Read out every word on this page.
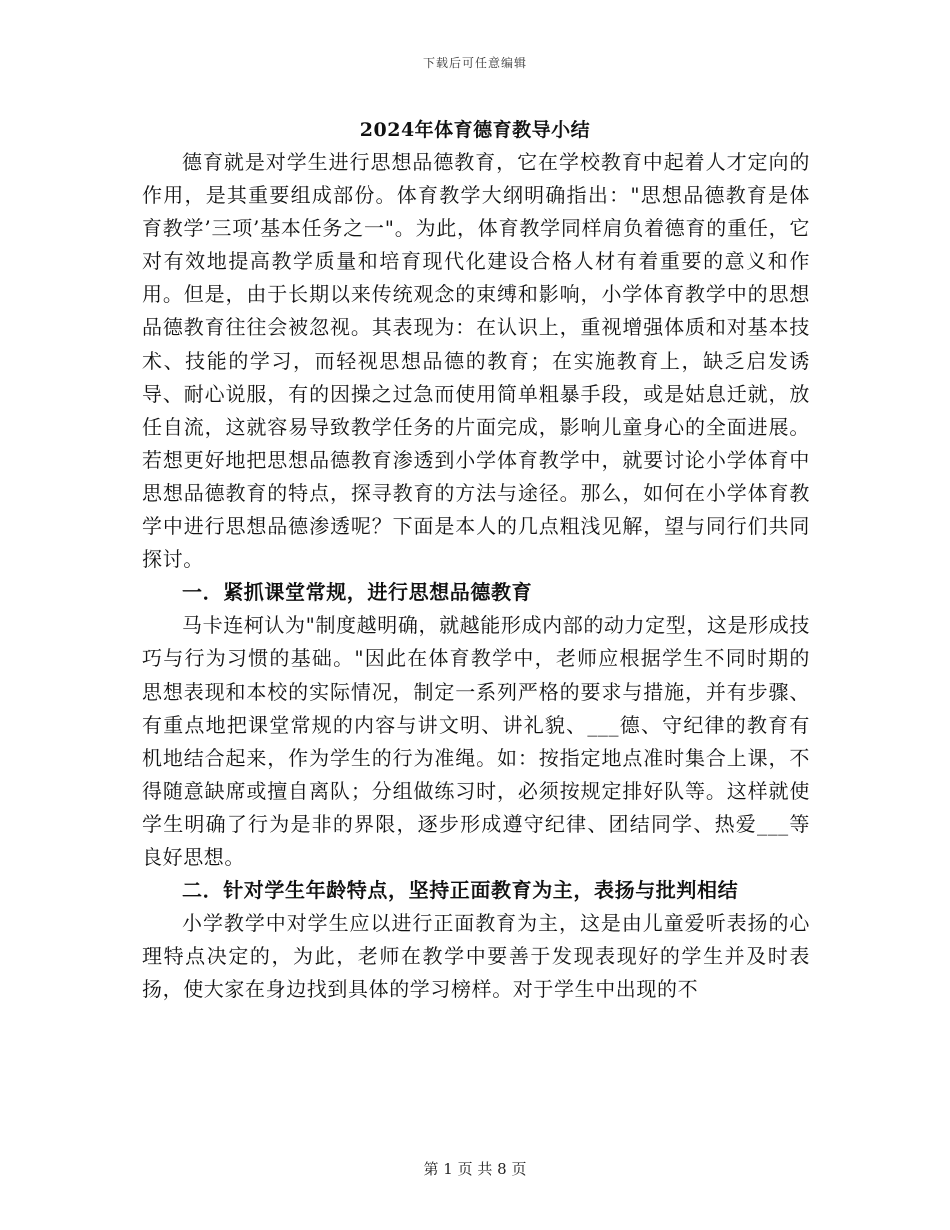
下载后可任意编辑
2024年体育德育教导小结

德育就是对学生进行思想品德教育，它在学校教育中起着人才定向的作用，是其重要组成部份。体育教学大纲明确指出："思想品德教育是体育教学’三项’基本任务之一"。为此，体育教学同样肩负着德育的重任，它对有效地提高教学质量和培育现代化建设合格人材有着重要的意义和作用。但是，由于长期以来传统观念的束缚和影响，小学体育教学中的思想品德教育往往会被忽视。其表现为：在认识上，重视增强体质和对基本技术、技能的学习，而轻视思想品德的教育；在实施教育上，缺乏启发诱导、耐心说服，有的因操之过急而使用简单粗暴手段，或是姑息迁就，放任自流，这就容易导致教学任务的片面完成，影响儿童身心的全面进展。若想更好地把思想品德教育渗透到小学体育教学中，就要讨论小学体育中思想品德教育的特点，探寻教育的方法与途径。那么，如何在小学体育教学中进行思想品德渗透呢？下面是本人的几点粗浅见解，望与同行们共同探讨。

一．紧抓课堂常规，进行思想品德教育

马卡连柯认为"制度越明确，就越能形成内部的动力定型，这是形成技巧与行为习惯的基础。"因此在体育教学中，老师应根据学生不同时期的思想表现和本校的实际情况，制定一系列严格的要求与措施，并有步骤、有重点地把课堂常规的内容与讲文明、讲礼貌、___德、守纪律的教育有机地结合起来，作为学生的行为准绳。如：按指定地点准时集合上课，不得随意缺席或擅自离队；分组做练习时，必须按规定排好队等。这样就使学生明确了行为是非的界限，逐步形成遵守纪律、团结同学、热爱___等良好思想。

二．针对学生年龄特点，坚持正面教育为主，表扬与批判相结

小学教学中对学生应以进行正面教育为主，这是由儿童爱听表扬的心理特点决定的，为此，老师在教学中要善于发现表现好的学生并及时表扬，使大家在身边找到具体的学习榜样。对于学生中出现的不

第 1 页 共 8 页
